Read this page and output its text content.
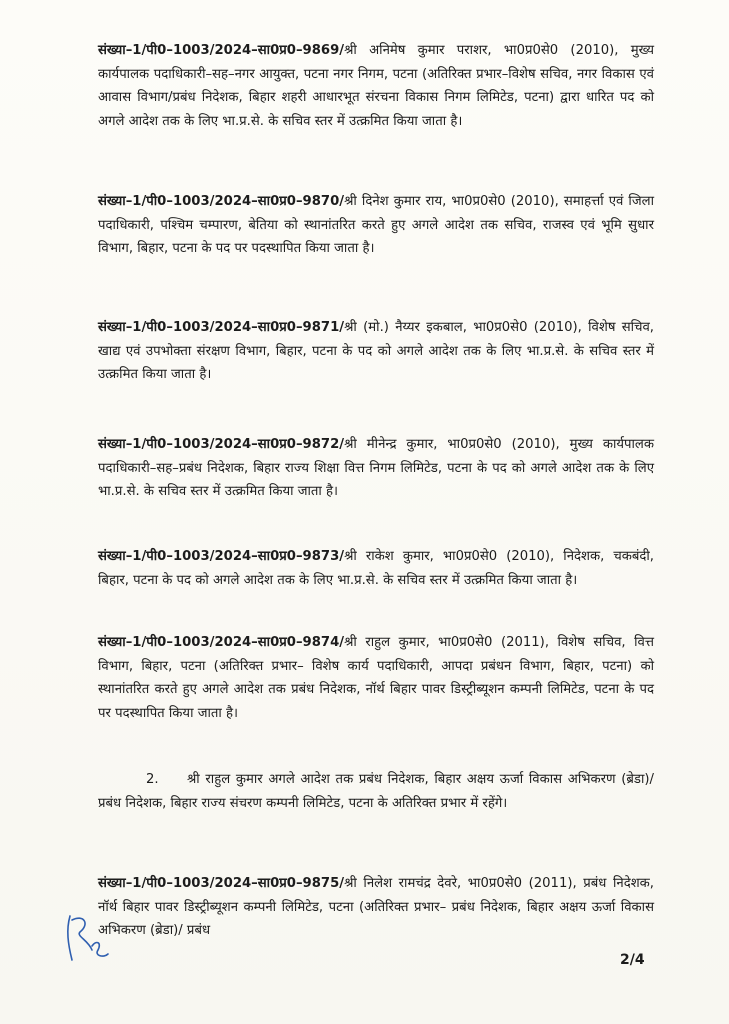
संख्या–1/पी0–1003/2024–सा0प्र0–9869/श्री अनिमेष कुमार पराशर, भा0प्र0से0 (2010), मुख्य कार्यपालक पदाधिकारी–सह–नगर आयुक्त, पटना नगर निगम, पटना (अतिरिक्त प्रभार–विशेष सचिव, नगर विकास एवं आवास विभाग/प्रबंध निदेशक, बिहार शहरी आधारभूत संरचना विकास निगम लिमिटेड, पटना) द्वारा धारित पद को अगले आदेश तक के लिए भा.प्र.से. के सचिव स्तर में उत्क्रमित किया जाता है।

संख्या–1/पी0–1003/2024–सा0प्र0–9870/श्री दिनेश कुमार राय, भा0प्र0से0 (2010), समाहर्त्ता एवं जिला पदाधिकारी, पश्चिम चम्पारण, बेतिया को स्थानांतरित करते हुए अगले आदेश तक सचिव, राजस्व एवं भूमि सुधार विभाग, बिहार, पटना के पद पर पदस्थापित किया जाता है।

संख्या–1/पी0–1003/2024–सा0प्र0–9871/श्री (मो.) नैय्यर इकबाल, भा0प्र0से0 (2010), विशेष सचिव, खाद्य एवं उपभोक्ता संरक्षण विभाग, बिहार, पटना के पद को अगले आदेश तक के लिए भा.प्र.से. के सचिव स्तर में उत्क्रमित किया जाता है।

संख्या–1/पी0–1003/2024–सा0प्र0–9872/श्री मीनेन्द्र कुमार, भा0प्र0से0 (2010), मुख्य कार्यपालक पदाधिकारी–सह–प्रबंध निदेशक, बिहार राज्य शिक्षा वित्त निगम लिमिटेड, पटना के पद को अगले आदेश तक के लिए भा.प्र.से. के सचिव स्तर में उत्क्रमित किया जाता है।

संख्या–1/पी0–1003/2024–सा0प्र0–9873/श्री राकेश कुमार, भा0प्र0से0 (2010), निदेशक, चकबंदी, बिहार, पटना के पद को अगले आदेश तक के लिए भा.प्र.से. के सचिव स्तर में उत्क्रमित किया जाता है।

संख्या–1/पी0–1003/2024–सा0प्र0–9874/श्री राहुल कुमार, भा0प्र0से0 (2011), विशेष सचिव, वित्त विभाग, बिहार, पटना (अतिरिक्त प्रभार– विशेष कार्य पदाधिकारी, आपदा प्रबंधन विभाग, बिहार, पटना) को स्थानांतरित करते हुए अगले आदेश तक प्रबंध निदेशक, नॉर्थ बिहार पावर डिस्ट्रीब्यूशन कम्पनी लिमिटेड, पटना के पद पर पदस्थापित किया जाता है।

2. श्री राहुल कुमार अगले आदेश तक प्रबंध निदेशक, बिहार अक्षय ऊर्जा विकास अभिकरण (ब्रेडा)/ प्रबंध निदेशक, बिहार राज्य संचरण कम्पनी लिमिटेड, पटना के अतिरिक्त प्रभार में रहेंगे।

संख्या–1/पी0–1003/2024–सा0प्र0–9875/श्री निलेश रामचंद्र देवरे, भा0प्र0से0 (2011), प्रबंध निदेशक, नॉर्थ बिहार पावर डिस्ट्रीब्यूशन कम्पनी लिमिटेड, पटना (अतिरिक्त प्रभार– प्रबंध निदेशक, बिहार अक्षय ऊर्जा विकास अभिकरण (ब्रेडा)/ प्रबंध

2/4
